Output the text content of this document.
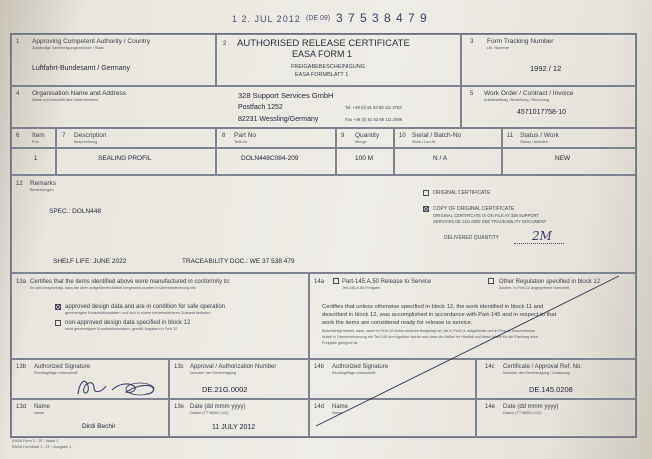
1 2. JUL 2012 (DE 09) 3 7 5 3 8 4 7 9
1 Approving Competent Authority / Country
Zuständige Genehmigungsbehörde / Staat
Luftfahrt-Bundesamt / Germany
2 AUTHORISED RELEASE CERTIFICATE
EASA FORM 1
FREIGABEBESCHEINIGUNG
EASA FORMBLATT 1
3 Form Tracking Number
Lfd. Nummer
1992 / 12
4 Organisation Name and Address
Name und Anschrift des Unternehmens	328 Support Services GmbH
Postfach 1252
82231 Wessling/Germany
Tel. +49 (0) 81 53 88 111 3753
Fax +49 (0) 81 53 88 111 2088
5 Work Order / Contract / Invoice
Arbeitsauftrag / Bestellung / Rechnung
4571017758-10
6 Item
Pos.
7 Description
Beschreibung
8 Part No
Teile-Nr.
9 Quantity
Menge
10 Serial / Batch-No
Werk-/ Los-Nr.
11 Status / Work
Status / Arbeiten
1	SEALING PROFIL	DOLN448C084-209	100 M	N / A	NEW
12 Remarks
Bemerkungen
SPEC.: DOLN448
ORIGINAL CERTIFICATE
COPY OF ORIGINAL CERTIFICATE
ORIGINAL CERTIFICATE IS ON FILE AT 328 SUPPORT
SERVICES DE 21G.0002 SEE TRACEABILITY DOCUMENT
DELIVERED QUANTITY	2M
SHELF LIFE: JUNE 2022	TRACEABILITY DOC.: WE 37 538 479
13a Certifies that the items identified above were manufactured in conformity to:
Es wird bescheinigt, dass die oben aufgeführten Artikel hergestellt wurden in Übereinstimmung mit:
approved design data and are in condition for safe operation
genehmigten Konstruktionsdaten und sich in einem betriebssicheren Zustand befinden
non-approved design data specified in block 12
nicht genehmigten Konstruktionsdaten, gemäß Angaben in Feld 12
14a	Part-145.A.50 Release to Service
Teil-145.A.50 Freigabe
Other Regulation specified in block 12
Andere, in Feld 12 angegebene Vorschrift
Certifies that unless otherwise specified in block 12, the work identified in block 11 and
described in block 12, was accomplished in accordance with Part-145 and in respect to that
work the items are considered ready for release to service.
Bescheinigt hiermit, dass, wenn in Feld 12 nichts anderes festgelegt ist, die in Feld 11 aufgeführte und in Feld 12 beschriebene
Arbeit in Übereinstimmung mit Teil-145 durchgeführt wurde und dass die Artikel im Hinblick auf diese Arbeit für die Erteilung einer
Freigabe geeignet ist.
13b Authorized Signature
Rechtsgültige Unterschrift
13c Approval / Authorization Number
Nummer der Genehmigung
DE.21G.0002
14b Authorized Signature
Rechtsgültige Unterschrift
14c Certificate / Approval Ref. No.
Nummer der Genehmigung / Zulassung
DE.145.0208
13d Name
Name
Dirdi Bechir
13e Date (dd mmm yyyy)
Datum (TT MMM JJJJ)
11 JULY 2012
14d Name
Name
14e Date (dd mmm yyyy)
Datum (TT MMM JJJJ)
EASA Form 1 - 2F - Issue 1
EASA Formblatt 1 - 2F - Ausgabe 1
